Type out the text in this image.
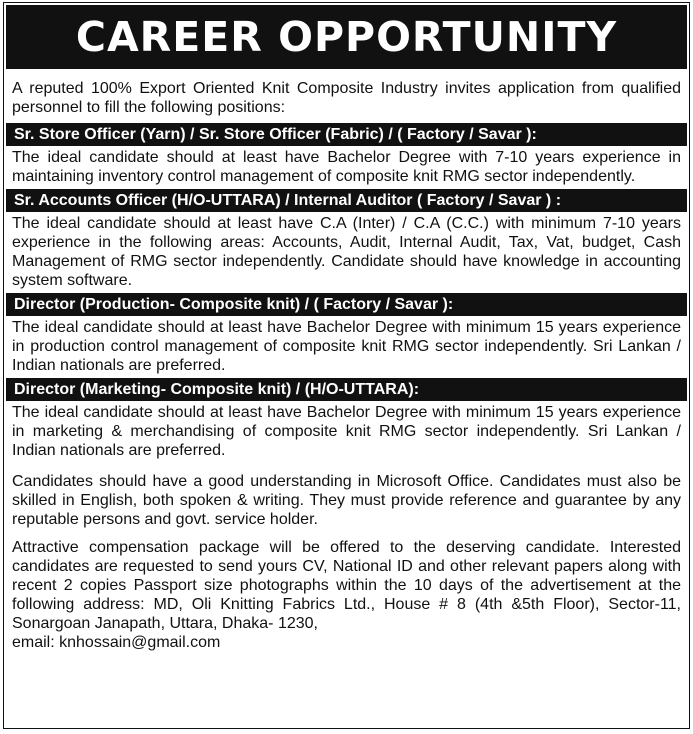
CAREER OPPORTUNITY

A reputed 100% Export Oriented Knit Composite Industry invites application from qualified personnel to fill the following positions:

Sr. Store Officer (Yarn) / Sr. Store Officer (Fabric) / ( Factory / Savar ):

The ideal candidate should at least have Bachelor Degree with 7-10 years experience in maintaining inventory control management of composite knit RMG sector independently.

Sr. Accounts Officer (H/O-UTTARA) / Internal Auditor ( Factory / Savar ) :

The ideal candidate should at least have C.A (Inter) / C.A (C.C.) with minimum 7-10 years experience in the following areas: Accounts, Audit, Internal Audit, Tax, Vat, budget, Cash Management of RMG sector independently. Candidate should have knowledge in accounting system software.

Director (Production- Composite knit) / ( Factory / Savar ):

The ideal candidate should at least have Bachelor Degree with minimum 15 years experience in production control management of composite knit RMG sector independently. Sri Lankan / Indian nationals are preferred.

Director (Marketing- Composite knit) / (H/O-UTTARA):

The ideal candidate should at least have Bachelor Degree with minimum 15 years experience in marketing & merchandising of composite knit RMG sector independently. Sri Lankan / Indian nationals are preferred.

Candidates should have a good understanding in Microsoft Office. Candidates must also be skilled in English, both spoken & writing. They must provide reference and guarantee by any reputable persons and govt. service holder.

Attractive compensation package will be offered to the deserving candidate. Interested candidates are requested to send yours CV, National ID and other relevant papers along with recent 2 copies Passport size photographs within the 10 days of the advertisement at the following address: MD, Oli Knitting Fabrics Ltd., House # 8 (4th &5th Floor), Sector-11, Sonargoan Janapath, Uttara, Dhaka- 1230,

email: knhossain@gmail.com
